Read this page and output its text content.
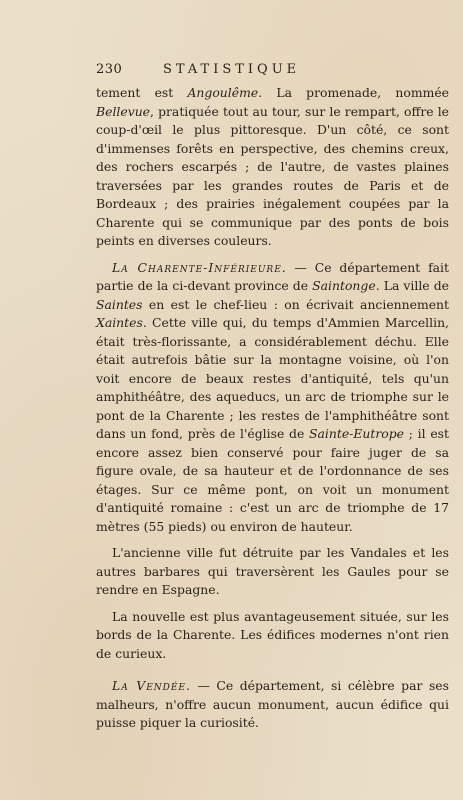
230	STATISTIQUE

tement est Angoulême. La promenade, nommée Bellevue, pratiquée tout au tour, sur le rempart, offre le coup-d'œil le plus pittoresque. D'un côté, ce sont d'immenses forêts en perspective, des chemins creux, des rochers escarpés ; de l'autre, de vastes plaines traversées par les grandes routes de Paris et de Bordeaux ; des prairies inégalement coupées par la Charente qui se communique par des ponts de bois peints en diverses couleurs.

La Charente-Inférieure. — Ce département fait partie de la ci-devant province de Saintonge. La ville de Saintes en est le chef-lieu : on écrivait anciennement Xaintes. Cette ville qui, du temps d'Ammien Marcellin, était très-florissante, a considérablement déchu. Elle était autrefois bâtie sur la montagne voisine, où l'on voit encore de beaux restes d'antiquité, tels qu'un amphithéâtre, des aqueducs, un arc de triomphe sur le pont de la Charente ; les restes de l'amphithéâtre sont dans un fond, près de l'église de Sainte-Eutrope ; il est encore assez bien conservé pour faire juger de sa figure ovale, de sa hauteur et de l'ordonnance de ses étages. Sur ce même pont, on voit un monument d'antiquité romaine : c'est un arc de triomphe de 17 mètres (55 pieds) ou environ de hauteur.

L'ancienne ville fut détruite par les Vandales et les autres barbares qui traversèrent les Gaules pour se rendre en Espagne.

La nouvelle est plus avantageusement située, sur les bords de la Charente. Les édifices modernes n'ont rien de curieux.

La Vendée. — Ce département, si célèbre par ses malheurs, n'offre aucun monument, aucun édifice qui puisse piquer la curiosité.
